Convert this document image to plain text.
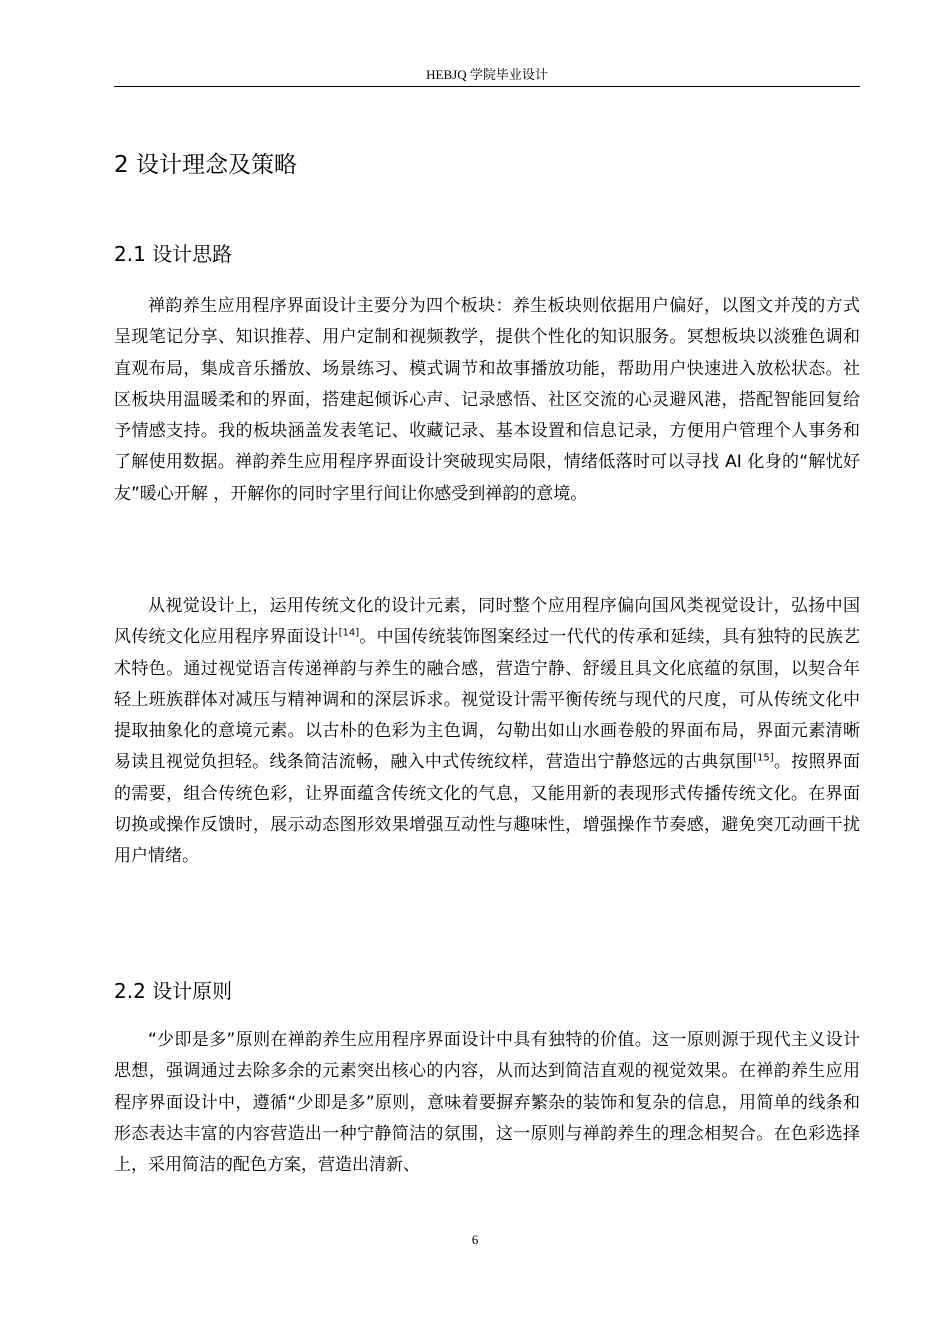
HEBJQ 学院毕业设计
2 设计理念及策略
2.1 设计思路

禅韵养生应用程序界面设计主要分为四个板块：养生板块则依据用户偏好，以图文并茂的方式呈现笔记分享、知识推荐、用户定制和视频教学，提供个性化的知识服务。冥想板块以淡雅色调和直观布局，集成音乐播放、场景练习、模式调节和故事播放功能，帮助用户快速进入放松状态。社区板块用温暖柔和的界面，搭建起倾诉心声、记录感悟、社区交流的心灵避风港，搭配智能回复给予情感支持。我的板块涵盖发表笔记、收藏记录、基本设置和信息记录，方便用户管理个人事务和了解使用数据。禅韵养生应用程序界面设计突破现实局限，情绪低落时可以寻找 AI 化身的“解忧好友”暖心开解 ，开解你的同时字里行间让你感受到禅韵的意境。

从视觉设计上，运用传统文化的设计元素，同时整个应用程序偏向国风类视觉设计，弘扬中国风传统文化应用程序界面设计[14]。中国传统装饰图案经过一代代的传承和延续，具有独特的民族艺术特色。通过视觉语言传递禅韵与养生的融合感，营造宁静、舒缓且具文化底蕴的氛围，以契合年轻上班族群体对减压与精神调和的深层诉求。视觉设计需平衡传统与现代的尺度，可从传统文化中提取抽象化的意境元素。以古朴的色彩为主色调，勾勒出如山水画卷般的界面布局，界面元素清晰易读且视觉负担轻。线条简洁流畅，融入中式传统纹样，营造出宁静悠远的古典氛围[15]。按照界面的需要，组合传统色彩，让界面蕴含传统文化的气息，又能用新的表现形式传播传统文化。在界面切换或操作反馈时，展示动态图形效果增强互动性与趣味性，增强操作节奏感，避免突兀动画干扰用户情绪。

2.2 设计原则

“少即是多”原则在禅韵养生应用程序界面设计中具有独特的价值。这一原则源于现代主义设计思想，强调通过去除多余的元素突出核心的内容，从而达到简洁直观的视觉效果。在禅韵养生应用程序界面设计中，遵循“少即是多”原则，意味着要摒弃繁杂的装饰和复杂的信息，用简单的线条和形态表达丰富的内容营造出一种宁静简洁的氛围，这一原则与禅韵养生的理念相契合。在色彩选择上，采用简洁的配色方案，营造出清新、

6
